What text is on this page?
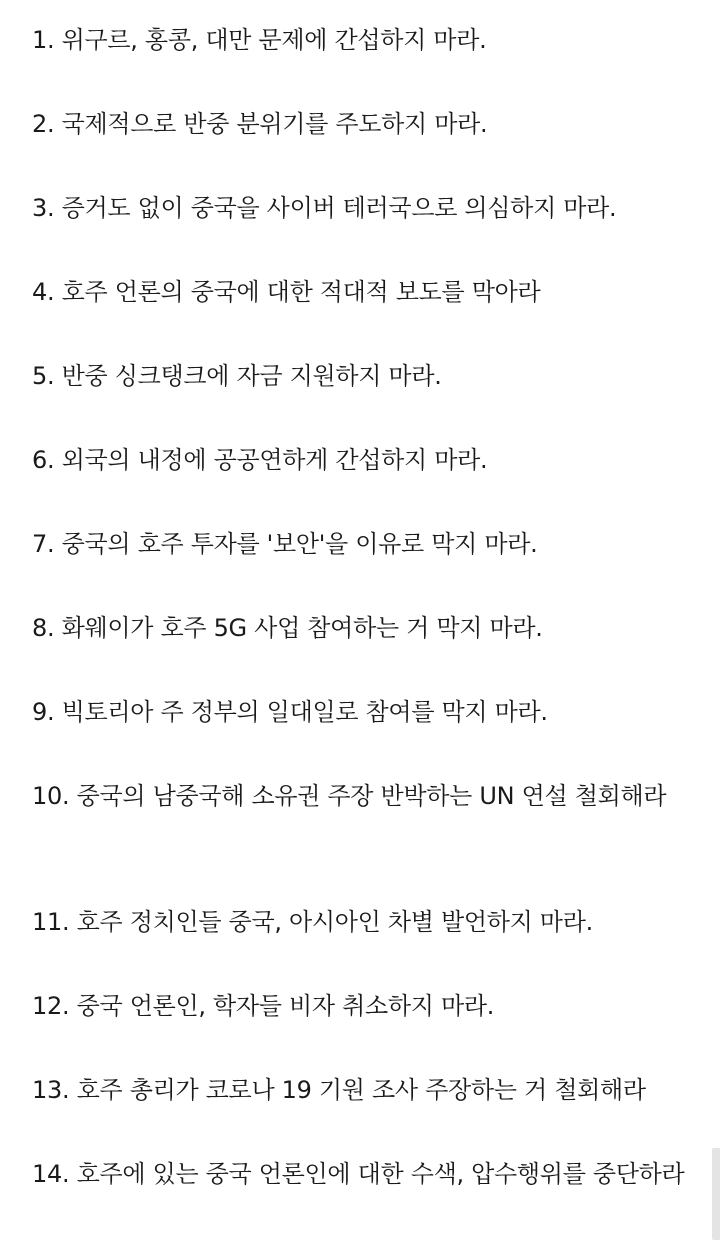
1. 위구르, 홍콩, 대만 문제에 간섭하지 마라.
2. 국제적으로 반중 분위기를 주도하지 마라.
3. 증거도 없이 중국을 사이버 테러국으로 의심하지 마라.
4. 호주 언론의 중국에 대한 적대적 보도를 막아라
5. 반중 싱크탱크에 자금 지원하지 마라.
6. 외국의 내정에 공공연하게 간섭하지 마라.
7. 중국의 호주 투자를 '보안'을 이유로 막지 마라.
8. 화웨이가 호주 5G 사업 참여하는 거 막지 마라.
9. 빅토리아 주 정부의 일대일로 참여를 막지 마라.
10. 중국의 남중국해 소유권 주장 반박하는 UN 연설 철회해라
11. 호주 정치인들 중국, 아시아인 차별 발언하지 마라.
12. 중국 언론인, 학자들 비자 취소하지 마라.
13. 호주 총리가 코로나 19 기원 조사 주장하는 거 철회해라
14. 호주에 있는 중국 언론인에 대한 수색, 압수행위를 중단하라
